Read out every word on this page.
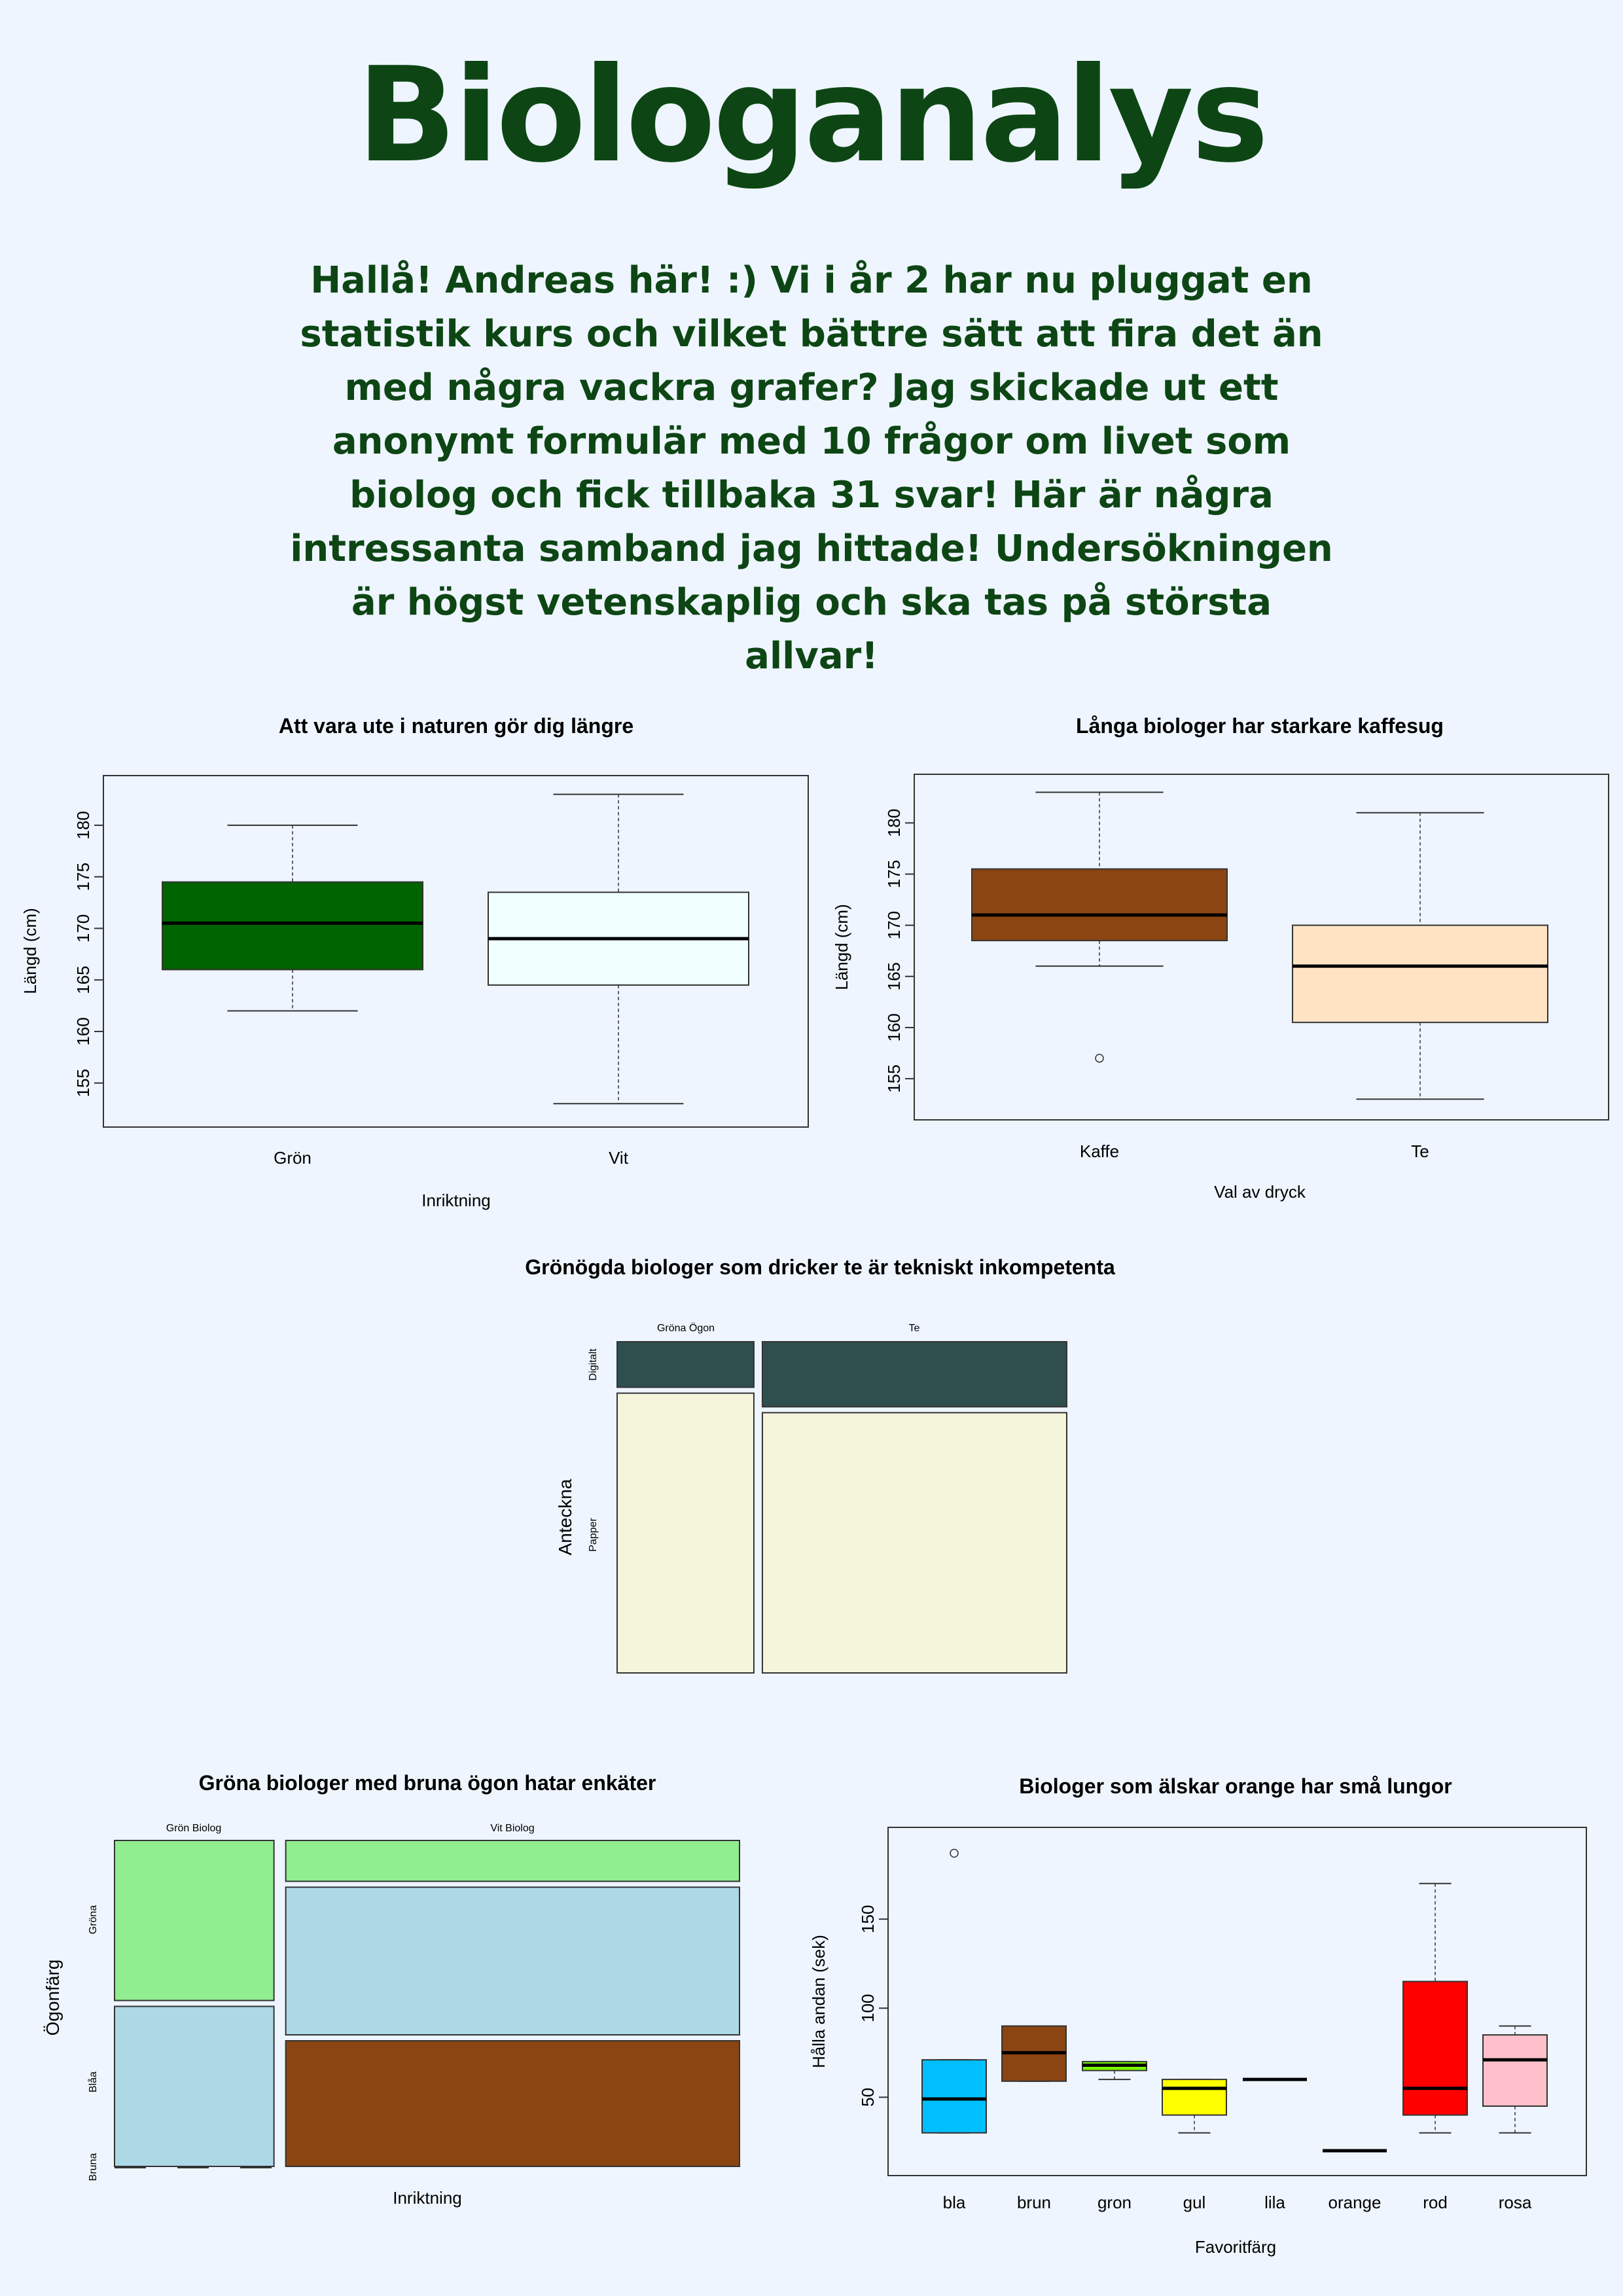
Biologanalys

Hallå! Andreas här! :) Vi i år 2 har nu pluggat en statistik kurs och vilket bättre sätt att fira det än med några vackra grafer? Jag skickade ut ett anonymt formulär med 10 frågor om livet som biolog och fick tillbaka 31 svar! Här är några intressanta samband jag hittade! Undersökningen är högst vetenskaplig och ska tas på största allvar!

Att vara ute i naturen gör dig längre
Inriktning
Längd (cm)
Grön	Vit
155
160
165
170
175
180
Långa biologer har starkare kaffesug
Val av dryck
Längd (cm)
Kaffe	Te
155
160
165
170
175
180
Grönögda biologer som dricker te är tekniskt inkompetenta
Anteckna
Gröna Ögon	Te
Digitalt
Papper
Gröna biologer med bruna ögon hatar enkäter
Inriktning
Ögonfärg
Grön Biolog	Vit Biolog
Gröna
Blåa
Bruna
Biologer som älskar orange har små lungor
Favoritfärg
Hålla andan (sek)
bla	brun	gron	gul	lila	orange rod	rosa
50
100
150
